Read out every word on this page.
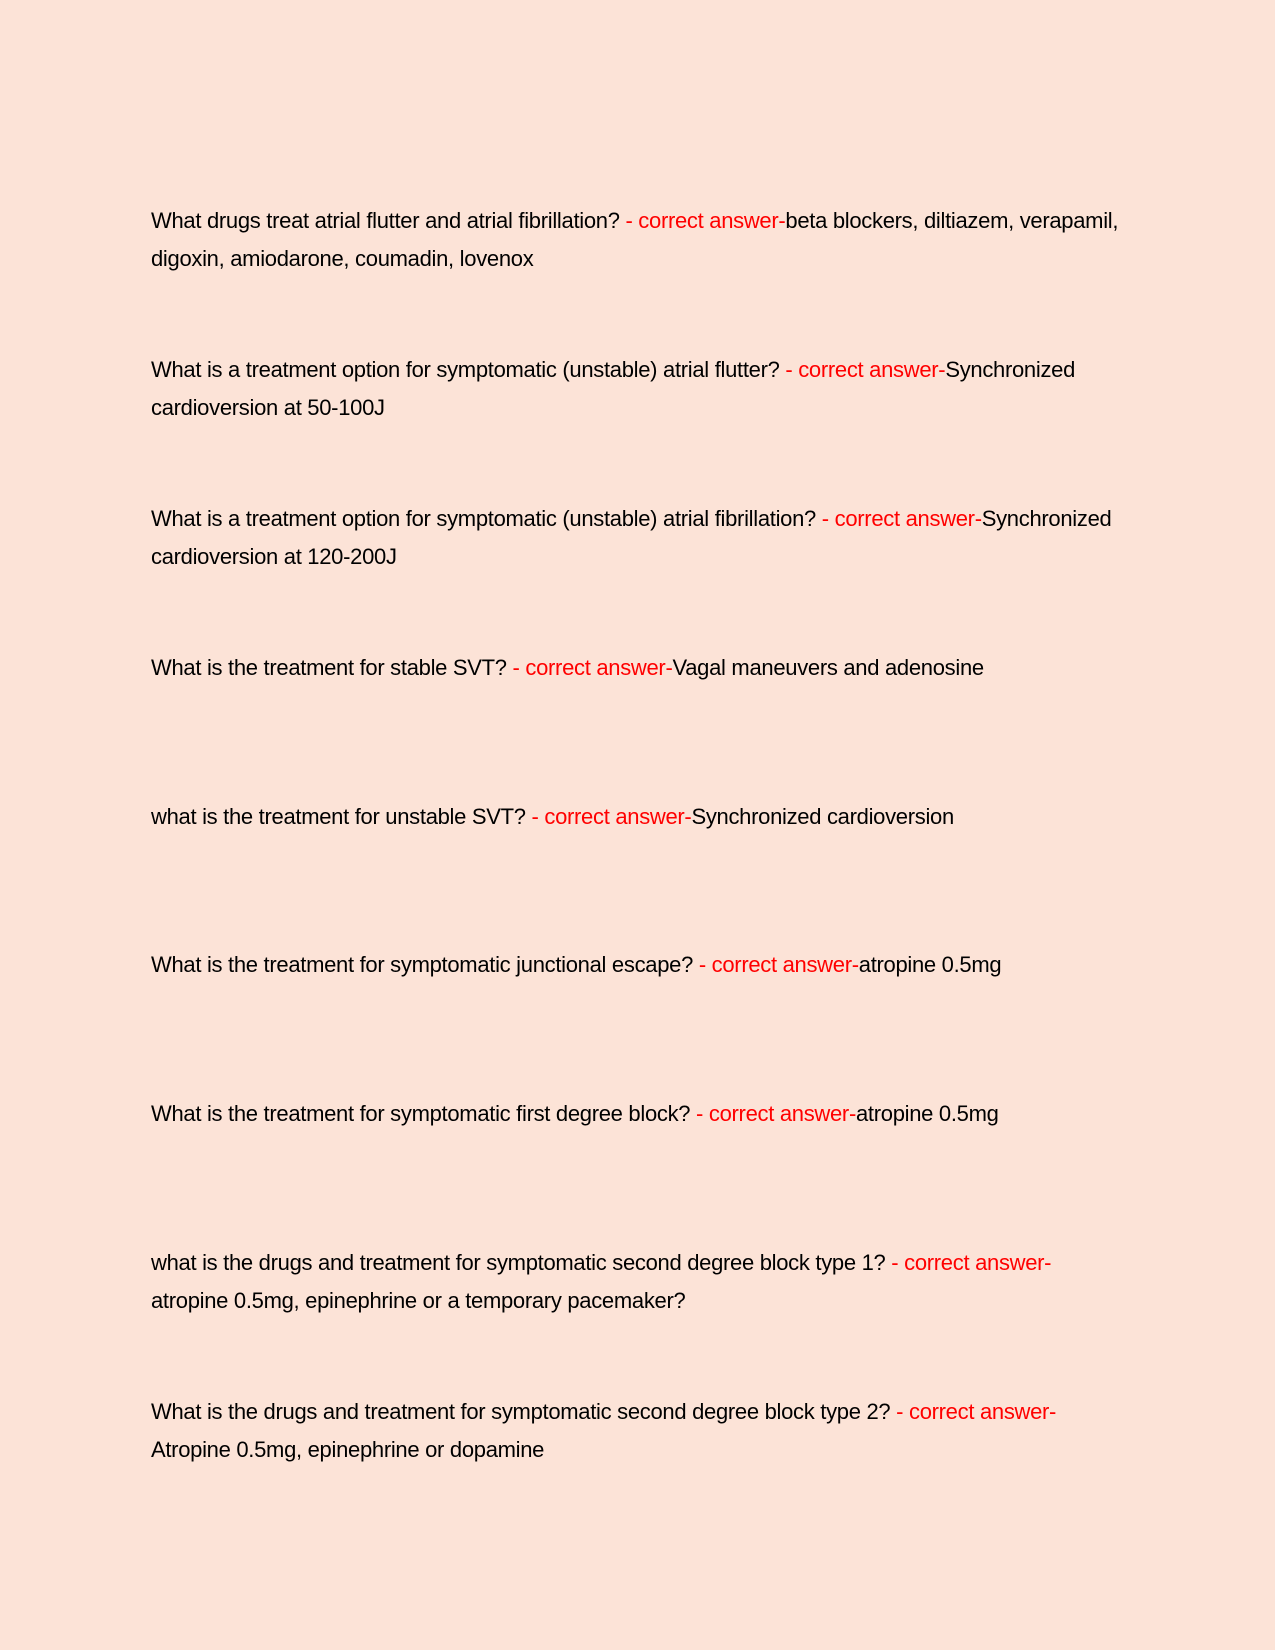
What drugs treat atrial flutter and atrial fibrillation? - correct answer-beta blockers, diltiazem, verapamil, digoxin, amiodarone, coumadin, lovenox
What is a treatment option for symptomatic (unstable) atrial flutter? - correct answer-Synchronized cardioversion at 50-100J
What is a treatment option for symptomatic (unstable) atrial fibrillation? - correct answer-Synchronized cardioversion at 120-200J
What is the treatment for stable SVT? - correct answer-Vagal maneuvers and adenosine
what is the treatment for unstable SVT? - correct answer-Synchronized cardioversion
What is the treatment for symptomatic junctional escape? - correct answer-atropine 0.5mg
What is the treatment for symptomatic first degree block? - correct answer-atropine 0.5mg
what is the drugs and treatment for symptomatic second degree block type 1? - correct answer-atropine 0.5mg, epinephrine or a temporary pacemaker?
What is the drugs and treatment for symptomatic second degree block type 2? - correct answer-Atropine 0.5mg, epinephrine or dopamine
